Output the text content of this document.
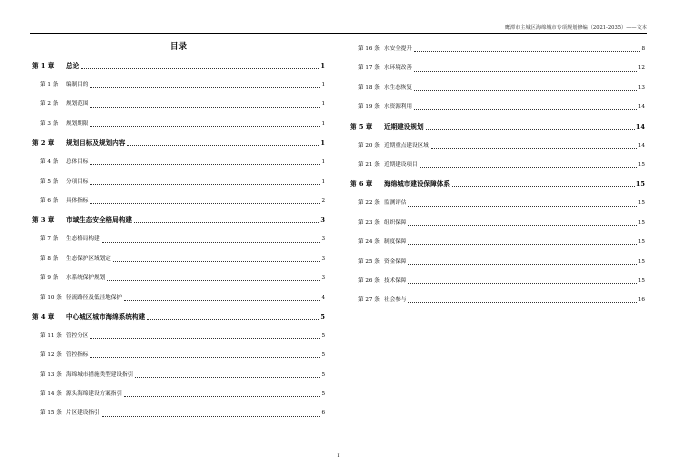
鹰潭市主城区海绵城市专项规划修编（2021-2035）——文本
目录
第 1 章	总论	1
第 1 条	编制目的	1
第 2 条	规划范围	1
第 3 条	规划期限	1
第 2 章	规划目标及规划内容	1
第 4 条	总体目标	1
第 5 条	分项目标	1
第 6 条	具体指标	2
第 3 章	市域生态安全格局构建	3
第 7 条	生态格局构建	3
第 8 条	生态保护区域划定	3
第 9 条	水系统保护规划	3
第 10 条 径流路径及低洼地保护	4
第 4 章	中心城区城市海绵系统构建	5
第 11 条 管控分区	5
第 12 条 管控指标	5
第 13 条 海绵城市措施类型建设指引	5
第 14 条 源头海绵建设方案指引	5
第 15 条 片区建设指引	6
第 16 条 水安全提升	8
第 17 条 水环境改善	12
第 18 条 水生态恢复	13
第 19 条 水资源利用	14
第 5 章	近期建设规划	14
第 20 条 近期重点建设区域	14
第 21 条 近期建设项目	15
第 6 章	海绵城市建设保障体系	15
第 22 条 监测评估	15
第 23 条 组织保障	15
第 24 条 制度保障	15
第 25 条 资金保障	15
第 26 条 技术保障	15
第 27 条 社会参与	16
I
